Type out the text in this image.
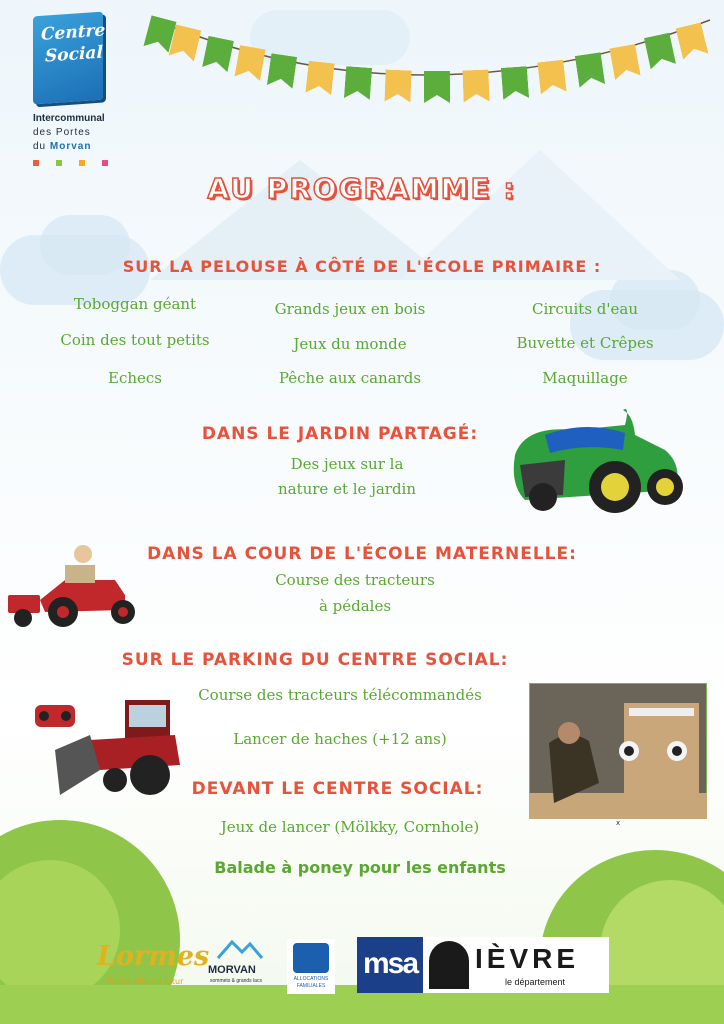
Centre
Social
Intercommunal
des Portes
du Morvan
AU PROGRAMME :
SUR LA PELOUSE À CÔTÉ DE L'ÉCOLE PRIMAIRE :
Toboggan géant	Grands jeux en bois	Circuits d'eau
Coin des tout petits	Jeux du monde	Buvette et Crêpes
Echecs	Pêche aux canards	Maquillage
DANS LE JARDIN PARTAGÉ:
Des jeux sur la
nature et le jardin
DANS LA COUR DE L'ÉCOLE MATERNELLE:
Course des tracteurs
à pédales
SUR LE PARKING DU CENTRE SOCIAL:
Course des tracteurs télécommandés
Lancer de haches (+12 ans)
x
DEVANT LE CENTRE SOCIAL:
Jeux de lancer (Mölkky, Cornhole)
Balade à poney pour les enfants
Lormes
Petite ville du futur
MORVAN
sommets & grands lacs	ALLOCATIONS
FAMILIALES
msa IÈVRE
le département
